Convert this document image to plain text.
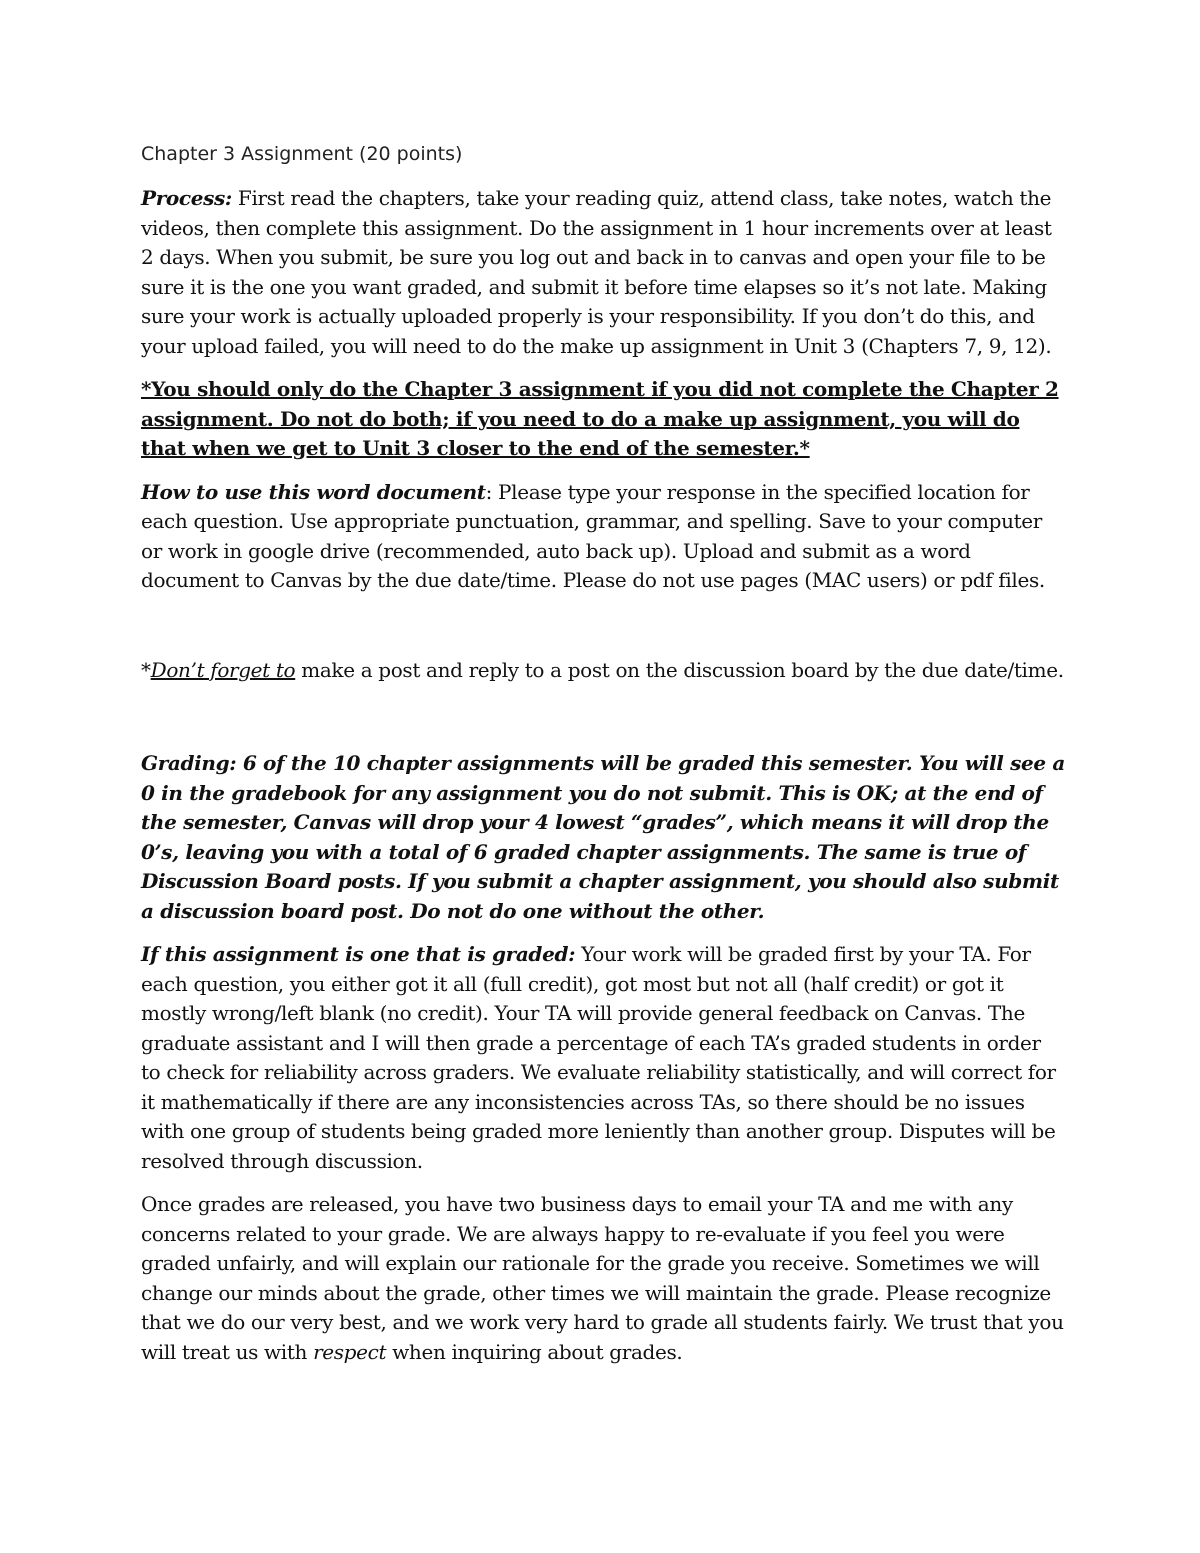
Chapter 3 Assignment (20 points)

Process: First read the chapters, take your reading quiz, attend class, take notes, watch the videos, then complete this assignment. Do the assignment in 1 hour increments over at least 2 days. When you submit, be sure you log out and back in to canvas and open your file to be sure it is the one you want graded, and submit it before time elapses so it’s not late. Making sure your work is actually uploaded properly is your responsibility. If you don’t do this, and your upload failed, you will need to do the make up assignment in Unit 3 (Chapters 7, 9, 12).

*You should only do the Chapter 3 assignment if you did not complete the Chapter 2 assignment. Do not do both; if you need to do a make up assignment, you will do that when we get to Unit 3 closer to the end of the semester.*

How to use this word document: Please type your response in the specified location for each question. Use appropriate punctuation, grammar, and spelling. Save to your computer or work in google drive (recommended, auto back up). Upload and submit as a word document to Canvas by the due date/time. Please do not use pages (MAC users) or pdf files.

*Don’t forget to make a post and reply to a post on the discussion board by the due date/time.

Grading: 6 of the 10 chapter assignments will be graded this semester. You will see a 0 in the gradebook for any assignment you do not submit. This is OK; at the end of the semester, Canvas will drop your 4 lowest “grades”, which means it will drop the 0’s, leaving you with a total of 6 graded chapter assignments. The same is true of Discussion Board posts. If you submit a chapter assignment, you should also submit a discussion board post. Do not do one without the other.

If this assignment is one that is graded: Your work will be graded first by your TA. For each question, you either got it all (full credit), got most but not all (half credit) or got it mostly wrong/left blank (no credit). Your TA will provide general feedback on Canvas. The graduate assistant and I will then grade a percentage of each TA’s graded students in order to check for reliability across graders. We evaluate reliability statistically, and will correct for it mathematically if there are any inconsistencies across TAs, so there should be no issues with one group of students being graded more leniently than another group. Disputes will be resolved through discussion.

Once grades are released, you have two business days to email your TA and me with any concerns related to your grade. We are always happy to re-evaluate if you feel you were graded unfairly, and will explain our rationale for the grade you receive. Sometimes we will change our minds about the grade, other times we will maintain the grade. Please recognize that we do our very best, and we work very hard to grade all students fairly. We trust that you will treat us with respect when inquiring about grades.
